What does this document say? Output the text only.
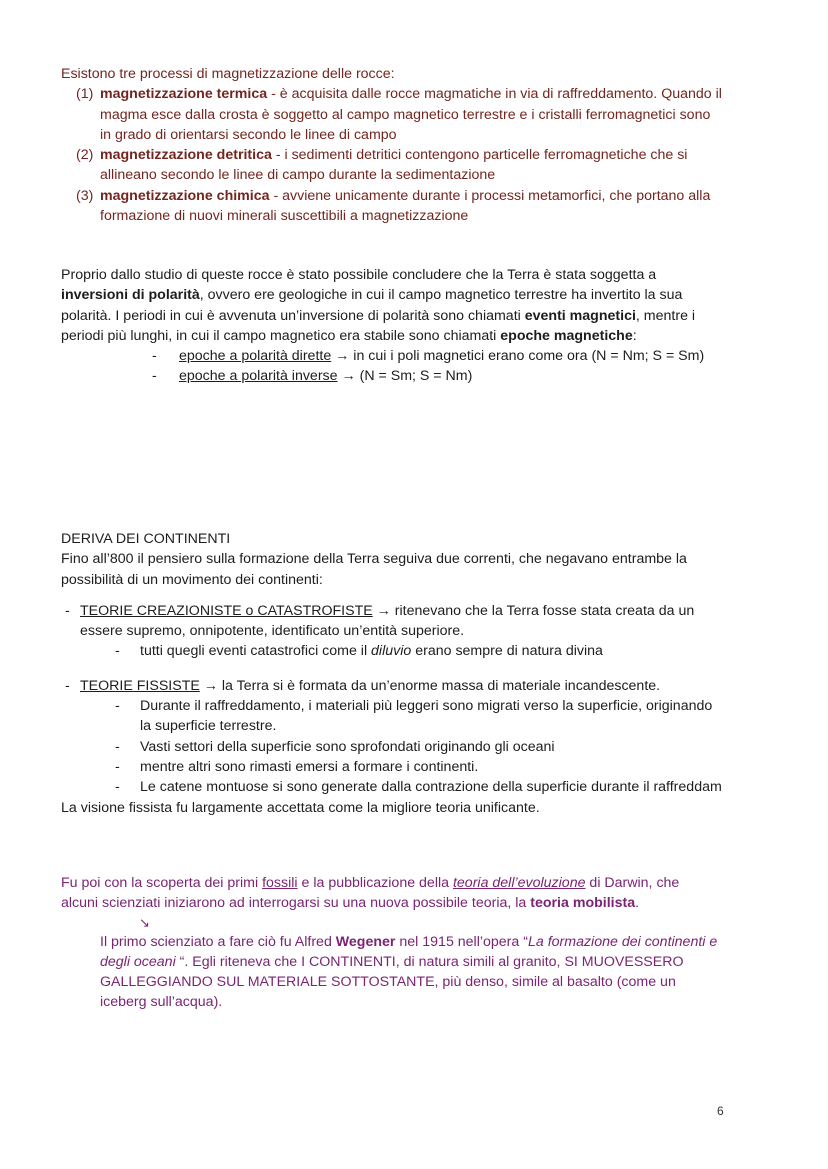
Esistono tre processi di magnetizzazione delle rocce:
(1) magnetizzazione termica - è acquisita dalle rocce magmatiche in via di raffreddamento. Quando il
magma esce dalla crosta è soggetto al campo magnetico terrestre e i cristalli ferromagnetici sono
in grado di orientarsi secondo le linee di campo
(2) magnetizzazione detritica - i sedimenti detritici contengono particelle ferromagnetiche che si
allineano secondo le linee di campo durante la sedimentazione
(3) magnetizzazione chimica - avviene unicamente durante i processi metamorfici, che portano alla
formazione di nuovi minerali suscettibili a magnetizzazione
Proprio dallo studio di queste rocce è stato possibile concludere che la Terra è stata soggetta a
inversioni di polarità, ovvero ere geologiche in cui il campo magnetico terrestre ha invertito la sua
polarità. I periodi in cui è avvenuta un’inversione di polarità sono chiamati eventi magnetici, mentre i
periodi più lunghi, in cui il campo magnetico era stabile sono chiamati epoche magnetiche:
- epoche a polarità dirette → in cui i poli magnetici erano come ora (N = Nm; S = Sm)
- epoche a polarità inverse → (N = Sm; S = Nm)
DERIVA DEI CONTINENTI
Fino all’800 il pensiero sulla formazione della Terra seguiva due correnti, che negavano entrambe la
possibilità di un movimento dei continenti:
- TEORIE CREAZIONISTE o CATASTROFISTE → ritenevano che la Terra fosse stata creata da un
essere supremo, onnipotente, identificato un’entità superiore.
- tutti quegli eventi catastrofici come il diluvio erano sempre di natura divina
- TEORIE FISSISTE → la Terra si è formata da un’enorme massa di materiale incandescente.
- Durante il raffreddamento, i materiali più leggeri sono migrati verso la superficie, originando
la superficie terrestre.
- Vasti settori della superficie sono sprofondati originando gli oceani
- mentre altri sono rimasti emersi a formare i continenti.
- Le catene montuose si sono generate dalla contrazione della superficie durante il raffreddam
La visione fissista fu largamente accettata come la migliore teoria unificante.
Fu poi con la scoperta dei primi fossili e la pubblicazione della teoria dell’evoluzione di Darwin, che
alcuni scienziati iniziarono ad interrogarsi su una nuova possibile teoria, la teoria mobilista.
↘
Il primo scienziato a fare ciò fu Alfred Wegener nel 1915 nell’opera “La formazione dei continenti e
degli oceani “. Egli riteneva che I CONTINENTI, di natura simili al granito, SI MUOVESSERO
GALLEGGIANDO SUL MATERIALE SOTTOSTANTE, più denso, simile al basalto (come un
iceberg sull’acqua).
6
